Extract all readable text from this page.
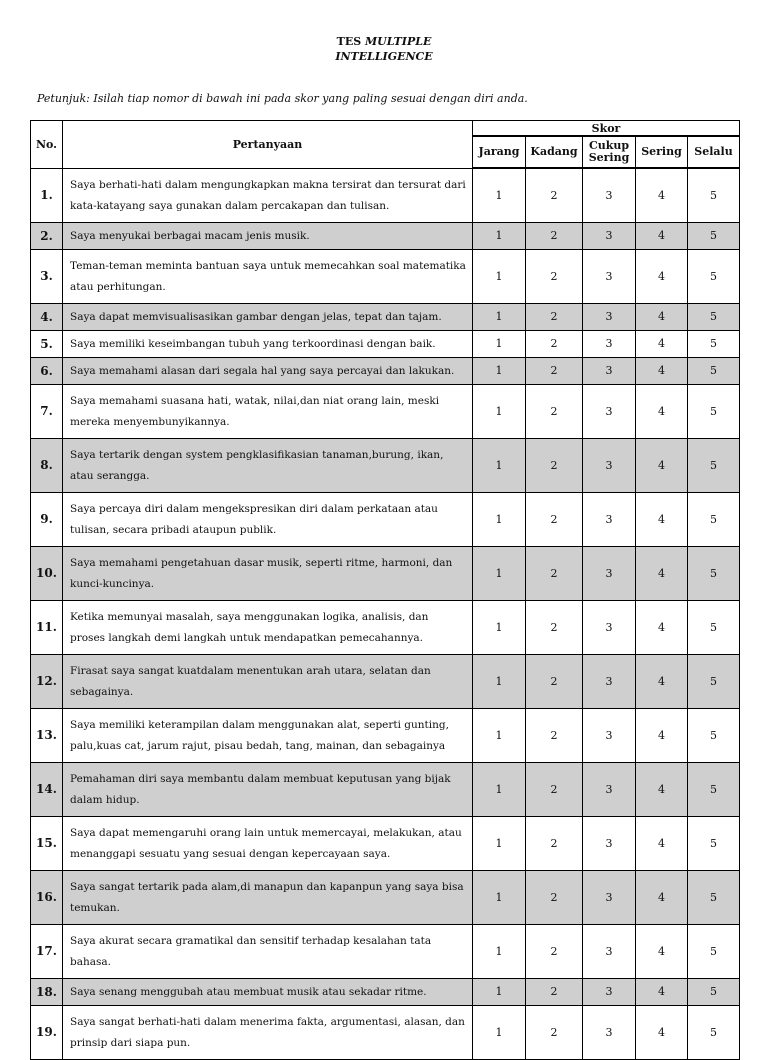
TES MULTIPLE
INTELLIGENCE
Petunjuk: Isilah tiap nomor di bawah ini pada skor yang paling sesuai dengan diri anda.
No.	Pertanyaan	Skor				
		Jarang	Kadang	Cukup Sering	Sering	Selalu
1.	Saya berhati-hati dalam mengungkapkan makna tersirat dan tersurat dari kata-katayang saya gunakan dalam percakapan dan tulisan.	1	2	3	4	5
2.	Saya menyukai berbagai macam jenis musik.	1	2	3	4	5
3.	Teman-teman meminta bantuan saya untuk memecahkan soal matematika atau perhitungan.	1	2	3	4	5
4.	Saya dapat memvisualisasikan gambar dengan jelas, tepat dan tajam.	1	2	3	4	5
5.	Saya memiliki keseimbangan tubuh yang terkoordinasi dengan baik.	1	2	3	4	5
6.	Saya memahami alasan dari segala hal yang saya percayai dan lakukan.	1	2	3	4	5
7.	Saya memahami suasana hati, watak, nilai,dan niat orang lain, meski mereka menyembunyikannya.	1	2	3	4	5
8.	Saya tertarik dengan system pengklasifikasian tanaman,burung, ikan, atau serangga.	1	2	3	4	5
9.	Saya percaya diri dalam mengekspresikan diri dalam perkataan atau tulisan, secara pribadi ataupun publik.	1	2	3	4	5
10.	Saya memahami pengetahuan dasar musik, seperti ritme, harmoni, dan kunci-kuncinya.	1	2	3	4	5
11.	Ketika memunyai masalah, saya menggunakan logika, analisis, dan proses langkah demi langkah untuk mendapatkan pemecahannya.	1	2	3	4	5
12.	Firasat saya sangat kuatdalam menentukan arah utara, selatan dan sebagainya.	1	2	3	4	5
13.	Saya memiliki keterampilan dalam menggunakan alat, seperti gunting, palu,kuas cat, jarum rajut, pisau bedah, tang, mainan, dan sebagainya	1	2	3	4	5
14.	Pemahaman diri saya membantu dalam membuat keputusan yang bijak dalam hidup.	1	2	3	4	5
15.	Saya dapat memengaruhi orang lain untuk memercayai, melakukan, atau menanggapi sesuatu yang sesuai dengan kepercayaan saya.	1	2	3	4	5
16.	Saya sangat tertarik pada alam,di manapun dan kapanpun yang saya bisa temukan.	1	2	3	4	5
17.	Saya akurat secara gramatikal dan sensitif terhadap kesalahan tata bahasa.	1	2	3	4	5
18.	Saya senang menggubah atau membuat musik atau sekadar ritme.	1	2	3	4	5
19.	Saya sangat berhati-hati dalam menerima fakta, argumentasi, alasan, dan prinsip dari siapa pun.	1	2	3	4	5
